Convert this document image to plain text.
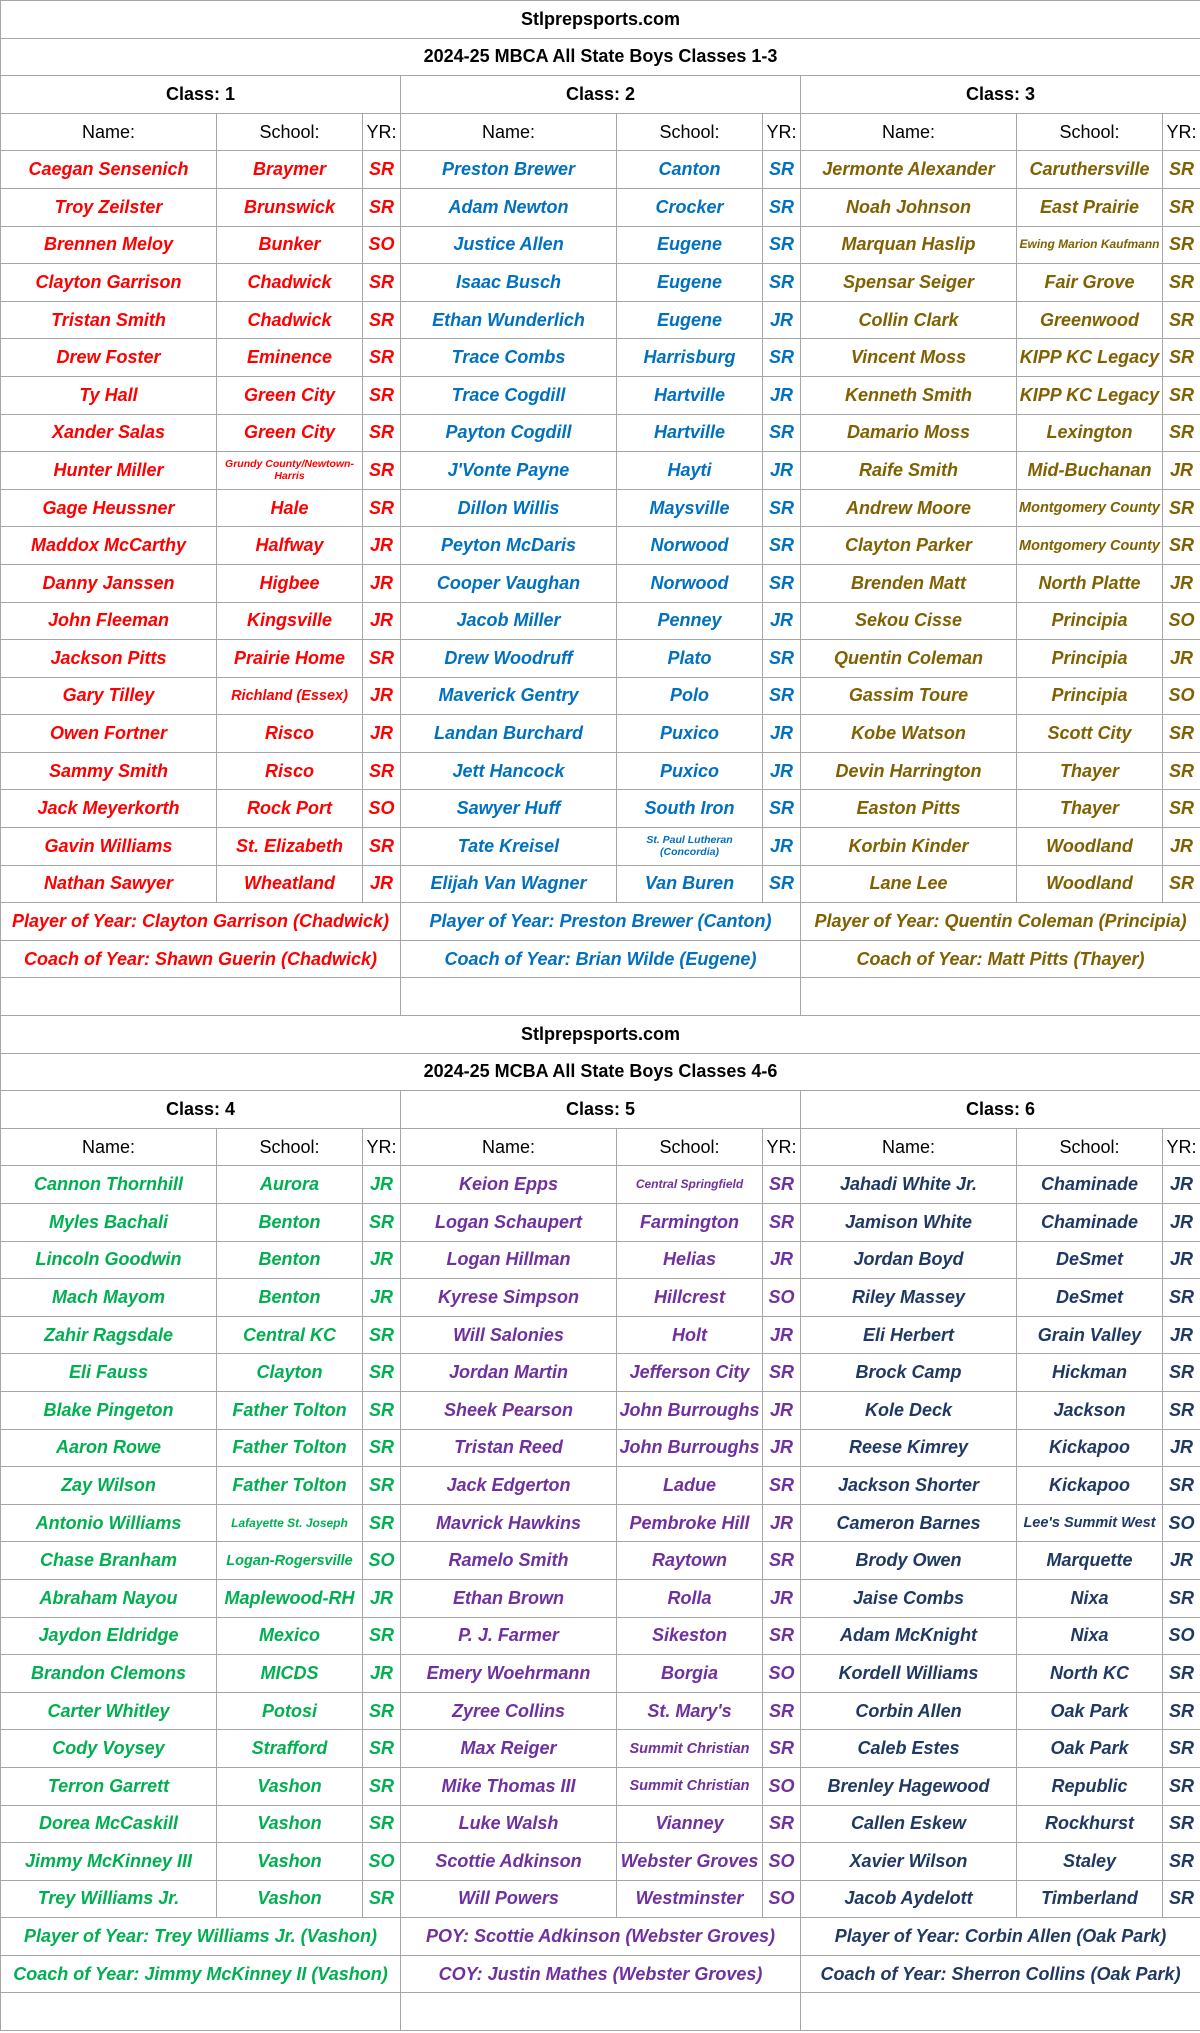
Stlprepsports.com								
2024-25 MBCA All State Boys Classes 1-3								
Class: 1			Class: 2			Class: 3		
Name:	School:	YR:	Name:	School:	YR:	Name:	School:	YR:
Caegan Sensenich	Braymer	SR	Preston Brewer	Canton	SR	Jermonte Alexander	Caruthersville	SR
Troy Zeilster	Brunswick	SR	Adam Newton	Crocker	SR	Noah Johnson	East Prairie	SR
Brennen Meloy	Bunker	SO	Justice Allen	Eugene	SR	Marquan Haslip	Ewing Marion Kaufmann	SR
Clayton Garrison	Chadwick	SR	Isaac Busch	Eugene	SR	Spensar Seiger	Fair Grove	SR
Tristan Smith	Chadwick	SR	Ethan Wunderlich	Eugene	JR	Collin Clark	Greenwood	SR
Drew Foster	Eminence	SR	Trace Combs	Harrisburg	SR	Vincent Moss	KIPP KC Legacy	SR
Ty Hall	Green City	SR	Trace Cogdill	Hartville	JR	Kenneth Smith	KIPP KC Legacy	SR
Xander Salas	Green City	SR	Payton Cogdill	Hartville	SR	Damario Moss	Lexington	SR
Hunter Miller	Grundy County/Newtown-Harris	SR	J'Vonte Payne	Hayti	JR	Raife Smith	Mid-Buchanan	JR
Gage Heussner	Hale	SR	Dillon Willis	Maysville	SR	Andrew Moore	Montgomery County	SR
Maddox McCarthy	Halfway	JR	Peyton McDaris	Norwood	SR	Clayton Parker	Montgomery County	SR
Danny Janssen	Higbee	JR	Cooper Vaughan	Norwood	SR	Brenden Matt	North Platte	JR
John Fleeman	Kingsville	JR	Jacob Miller	Penney	JR	Sekou Cisse	Principia	SO
Jackson Pitts	Prairie Home	SR	Drew Woodruff	Plato	SR	Quentin Coleman	Principia	JR
Gary Tilley	Richland (Essex)	JR	Maverick Gentry	Polo	SR	Gassim Toure	Principia	SO
Owen Fortner	Risco	JR	Landan Burchard	Puxico	JR	Kobe Watson	Scott City	SR
Sammy Smith	Risco	SR	Jett Hancock	Puxico	JR	Devin Harrington	Thayer	SR
Jack Meyerkorth	Rock Port	SO	Sawyer Huff	South Iron	SR	Easton Pitts	Thayer	SR
Gavin Williams	St. Elizabeth	SR	Tate Kreisel	St. Paul Lutheran (Concordia)	JR	Korbin Kinder	Woodland	JR
Nathan Sawyer	Wheatland	JR	Elijah Van Wagner	Van Buren	SR	Lane Lee	Woodland	SR
Player of Year: Clayton Garrison (Chadwick)			Player of Year: Preston Brewer (Canton)			Player of Year: Quentin Coleman (Principia)		
Coach of Year: Shawn Guerin (Chadwick)			Coach of Year: Brian Wilde (Eugene)			Coach of Year: Matt Pitts (Thayer)		

Stlprepsports.com								
2024-25 MCBA All State Boys Classes 4-6								
Class: 4			Class: 5			Class: 6		
Name:	School:	YR:	Name:	School:	YR:	Name:	School:	YR:
Cannon Thornhill	Aurora	JR	Keion Epps	Central Springfield	SR	Jahadi White Jr.	Chaminade	JR
Myles Bachali	Benton	SR	Logan Schaupert	Farmington	SR	Jamison White	Chaminade	JR
Lincoln Goodwin	Benton	JR	Logan Hillman	Helias	JR	Jordan Boyd	DeSmet	JR
Mach Mayom	Benton	JR	Kyrese Simpson	Hillcrest	SO	Riley Massey	DeSmet	SR
Zahir Ragsdale	Central KC	SR	Will Salonies	Holt	JR	Eli Herbert	Grain Valley	JR
Eli Fauss	Clayton	SR	Jordan Martin	Jefferson City	SR	Brock Camp	Hickman	SR
Blake Pingeton	Father Tolton	SR	Sheek Pearson	John Burroughs	JR	Kole Deck	Jackson	SR
Aaron Rowe	Father Tolton	SR	Tristan Reed	John Burroughs	JR	Reese Kimrey	Kickapoo	JR
Zay Wilson	Father Tolton	SR	Jack Edgerton	Ladue	SR	Jackson Shorter	Kickapoo	SR
Antonio Williams	Lafayette St. Joseph	SR	Mavrick Hawkins	Pembroke Hill	JR	Cameron Barnes	Lee's Summit West	SO
Chase Branham	Logan-Rogersville	SO	Ramelo Smith	Raytown	SR	Brody Owen	Marquette	JR
Abraham Nayou	Maplewood-RH	JR	Ethan Brown	Rolla	JR	Jaise Combs	Nixa	SR
Jaydon Eldridge	Mexico	SR	P. J. Farmer	Sikeston	SR	Adam McKnight	Nixa	SO
Brandon Clemons	MICDS	JR	Emery Woehrmann	Borgia	SO	Kordell Williams	North KC	SR
Carter Whitley	Potosi	SR	Zyree Collins	St. Mary's	SR	Corbin Allen	Oak Park	SR
Cody Voysey	Strafford	SR	Max Reiger	Summit Christian	SR	Caleb Estes	Oak Park	SR
Terron Garrett	Vashon	SR	Mike Thomas III	Summit Christian	SO	Brenley Hagewood	Republic	SR
Dorea McCaskill	Vashon	SR	Luke Walsh	Vianney	SR	Callen Eskew	Rockhurst	SR
Jimmy McKinney III	Vashon	SO	Scottie Adkinson	Webster Groves	SO	Xavier Wilson	Staley	SR
Trey Williams Jr.	Vashon	SR	Will Powers	Westminster	SO	Jacob Aydelott	Timberland	SR
Player of Year: Trey Williams Jr. (Vashon)			POY: Scottie Adkinson (Webster Groves)			Player of Year: Corbin Allen (Oak Park)		
Coach of Year: Jimmy McKinney II (Vashon)			COY: Justin Mathes (Webster Groves)			Coach of Year: Sherron Collins (Oak Park)		
